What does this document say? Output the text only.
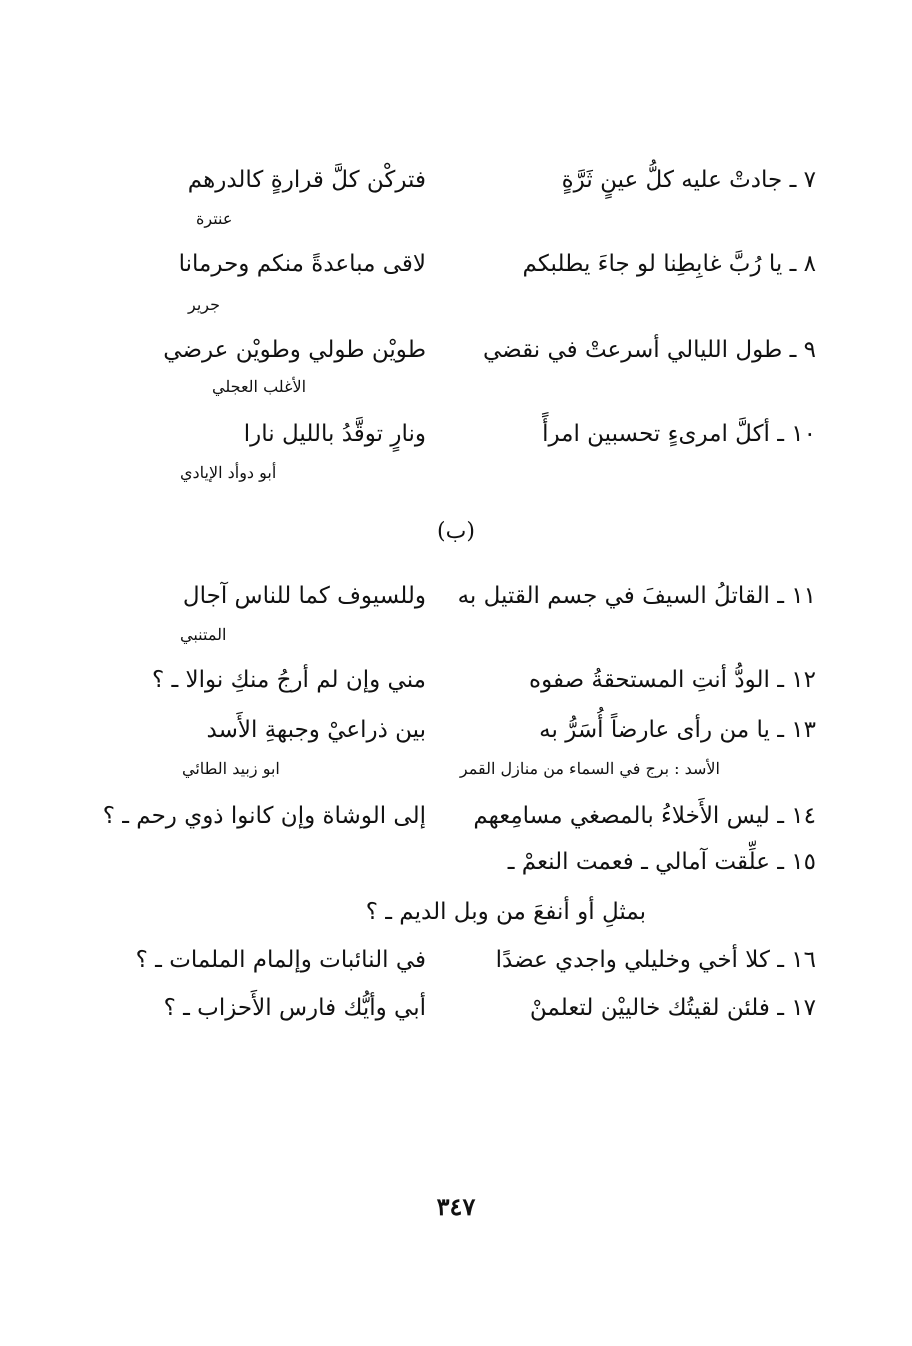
٧ ـ جادتْ عليه كلُّ عينٍ ثَرَّةٍ
فتركْن كلَّ قرارةٍ كالدرهم
عنترة
٨ ـ يا رُبَّ غابِطِنا لو جاءَ يطلبكم
لاقى مباعدةً منكم وحرمانا
جرير
٩ ـ طول الليالي أسرعتْ في نقضي
طويْن طولي وطويْن عرضي
الأغلب العجلي
١٠ ـ أكلَّ امرىءٍ تحسبين امرأً
ونارٍ توقَّدُ بالليل نارا
أبو دوأد الإيادي
(ب)
١١ ـ القاتلُ السيفَ في جسم القتيل به
وللسيوف كما للناس آجال
المتنبي
١٢ ـ الودُّ أنتِ المستحقةُ صفوه
مني وإن لم أرجُ منكِ نوالا ـ ؟
١٣ ـ يا من رأى عارضاً أُسَرُّ به
بين ذراعيْ وجبهةِ الأَسد
الأسد : برج في السماء من منازل القمر
ابو زبيد الطائي
١٤ ـ ليس الأَخلاءُ بالمصغي مسامِعهم
إلى الوشاة وإن كانوا ذوي رحم ـ ؟
١٥ ـ علِّقت آمالي ـ فعمت النعمْ ـ
بمثلِ أو أنفعَ من وبل الديم ـ ؟
١٦ ـ كلا أخي وخليلي واجدي عضدًا
في النائبات وإلمام الملمات ـ ؟
١٧ ـ فلئن لقيتُك خالييْن لتعلمنْ
أبي وأيُّك فارس الأَحزاب ـ ؟
٣٤٧
